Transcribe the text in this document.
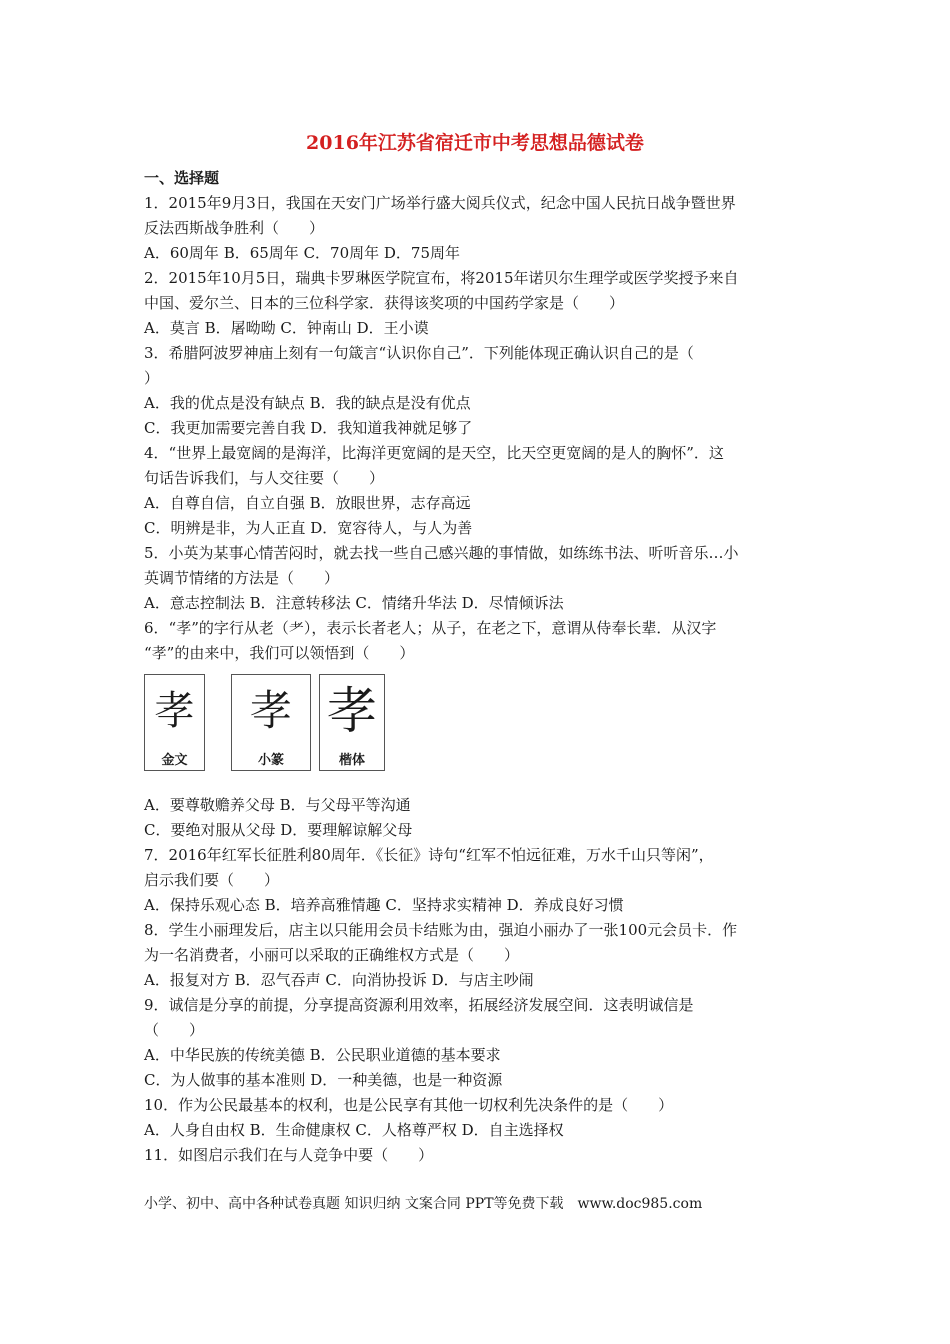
2016年江苏省宿迁市中考思想品德试卷
一、选择题
1．2015年9月3日，我国在天安门广场举行盛大阅兵仪式，纪念中国人民抗日战争暨世界
反法西斯战争胜利（　　）
A．60周年 B．65周年 C．70周年 D．75周年
2．2015年10月5日，瑞典卡罗琳医学院宣布，将2015年诺贝尔生理学或医学奖授予来自
中国、爱尔兰、日本的三位科学家．获得该奖项的中国药学家是（　　）
A．莫言 B．屠呦呦 C．钟南山 D．王小谟
3．希腊阿波罗神庙上刻有一句箴言“认识你自己”．下列能体现正确认识自己的是（
）
A．我的优点是没有缺点 B．我的缺点是没有优点
C．我更加需要完善自我 D．我知道我神就足够了
4．“世界上最宽阔的是海洋，比海洋更宽阔的是天空，比天空更宽阔的是人的胸怀”．这
句话告诉我们，与人交往要（　　）
A．自尊自信，自立自强 B．放眼世界，志存高远
C．明辨是非，为人正直 D．宽容待人，与人为善
5．小英为某事心情苦闷时，就去找一些自己感兴趣的事情做，如练练书法、听听音乐…小
英调节情绪的方法是（　　）
A．意志控制法 B．注意转移法 C．情绪升华法 D．尽情倾诉法
6．“孝”的字行从老（耂），表示长者老人；从子，在老之下，意谓从侍奉长辈．从汉字
“孝”的由来中，我们可以领悟到（　　）
孝
金文
孝
小篆
孝
楷体
A．要尊敬赡养父母 B．与父母平等沟通
C．要绝对服从父母 D．要理解谅解父母
7．2016年红军长征胜利80周年．《长征》诗句“红军不怕远征难，万水千山只等闲”，
启示我们要（　　）
A．保持乐观心态 B．培养高雅情趣 C．坚持求实精神 D．养成良好习惯
8．学生小丽理发后，店主以只能用会员卡结账为由，强迫小丽办了一张100元会员卡．作
为一名消费者，小丽可以采取的正确维权方式是（　　）
A．报复对方 B．忍气吞声 C．向消协投诉 D．与店主吵闹
9．诚信是分享的前提，分享提高资源利用效率，拓展经济发展空间．这表明诚信是
（　　）
A．中华民族的传统美德 B．公民职业道德的基本要求
C．为人做事的基本准则 D．一种美德，也是一种资源
10．作为公民最基本的权利，也是公民享有其他一切权利先决条件的是（　　）
A．人身自由权 B．生命健康权 C．人格尊严权 D．自主选择权
11．如图启示我们在与人竞争中要（　　）
小学、初中、高中各种试卷真题 知识归纳 文案合同 PPT等免费下载　www.doc985.com
